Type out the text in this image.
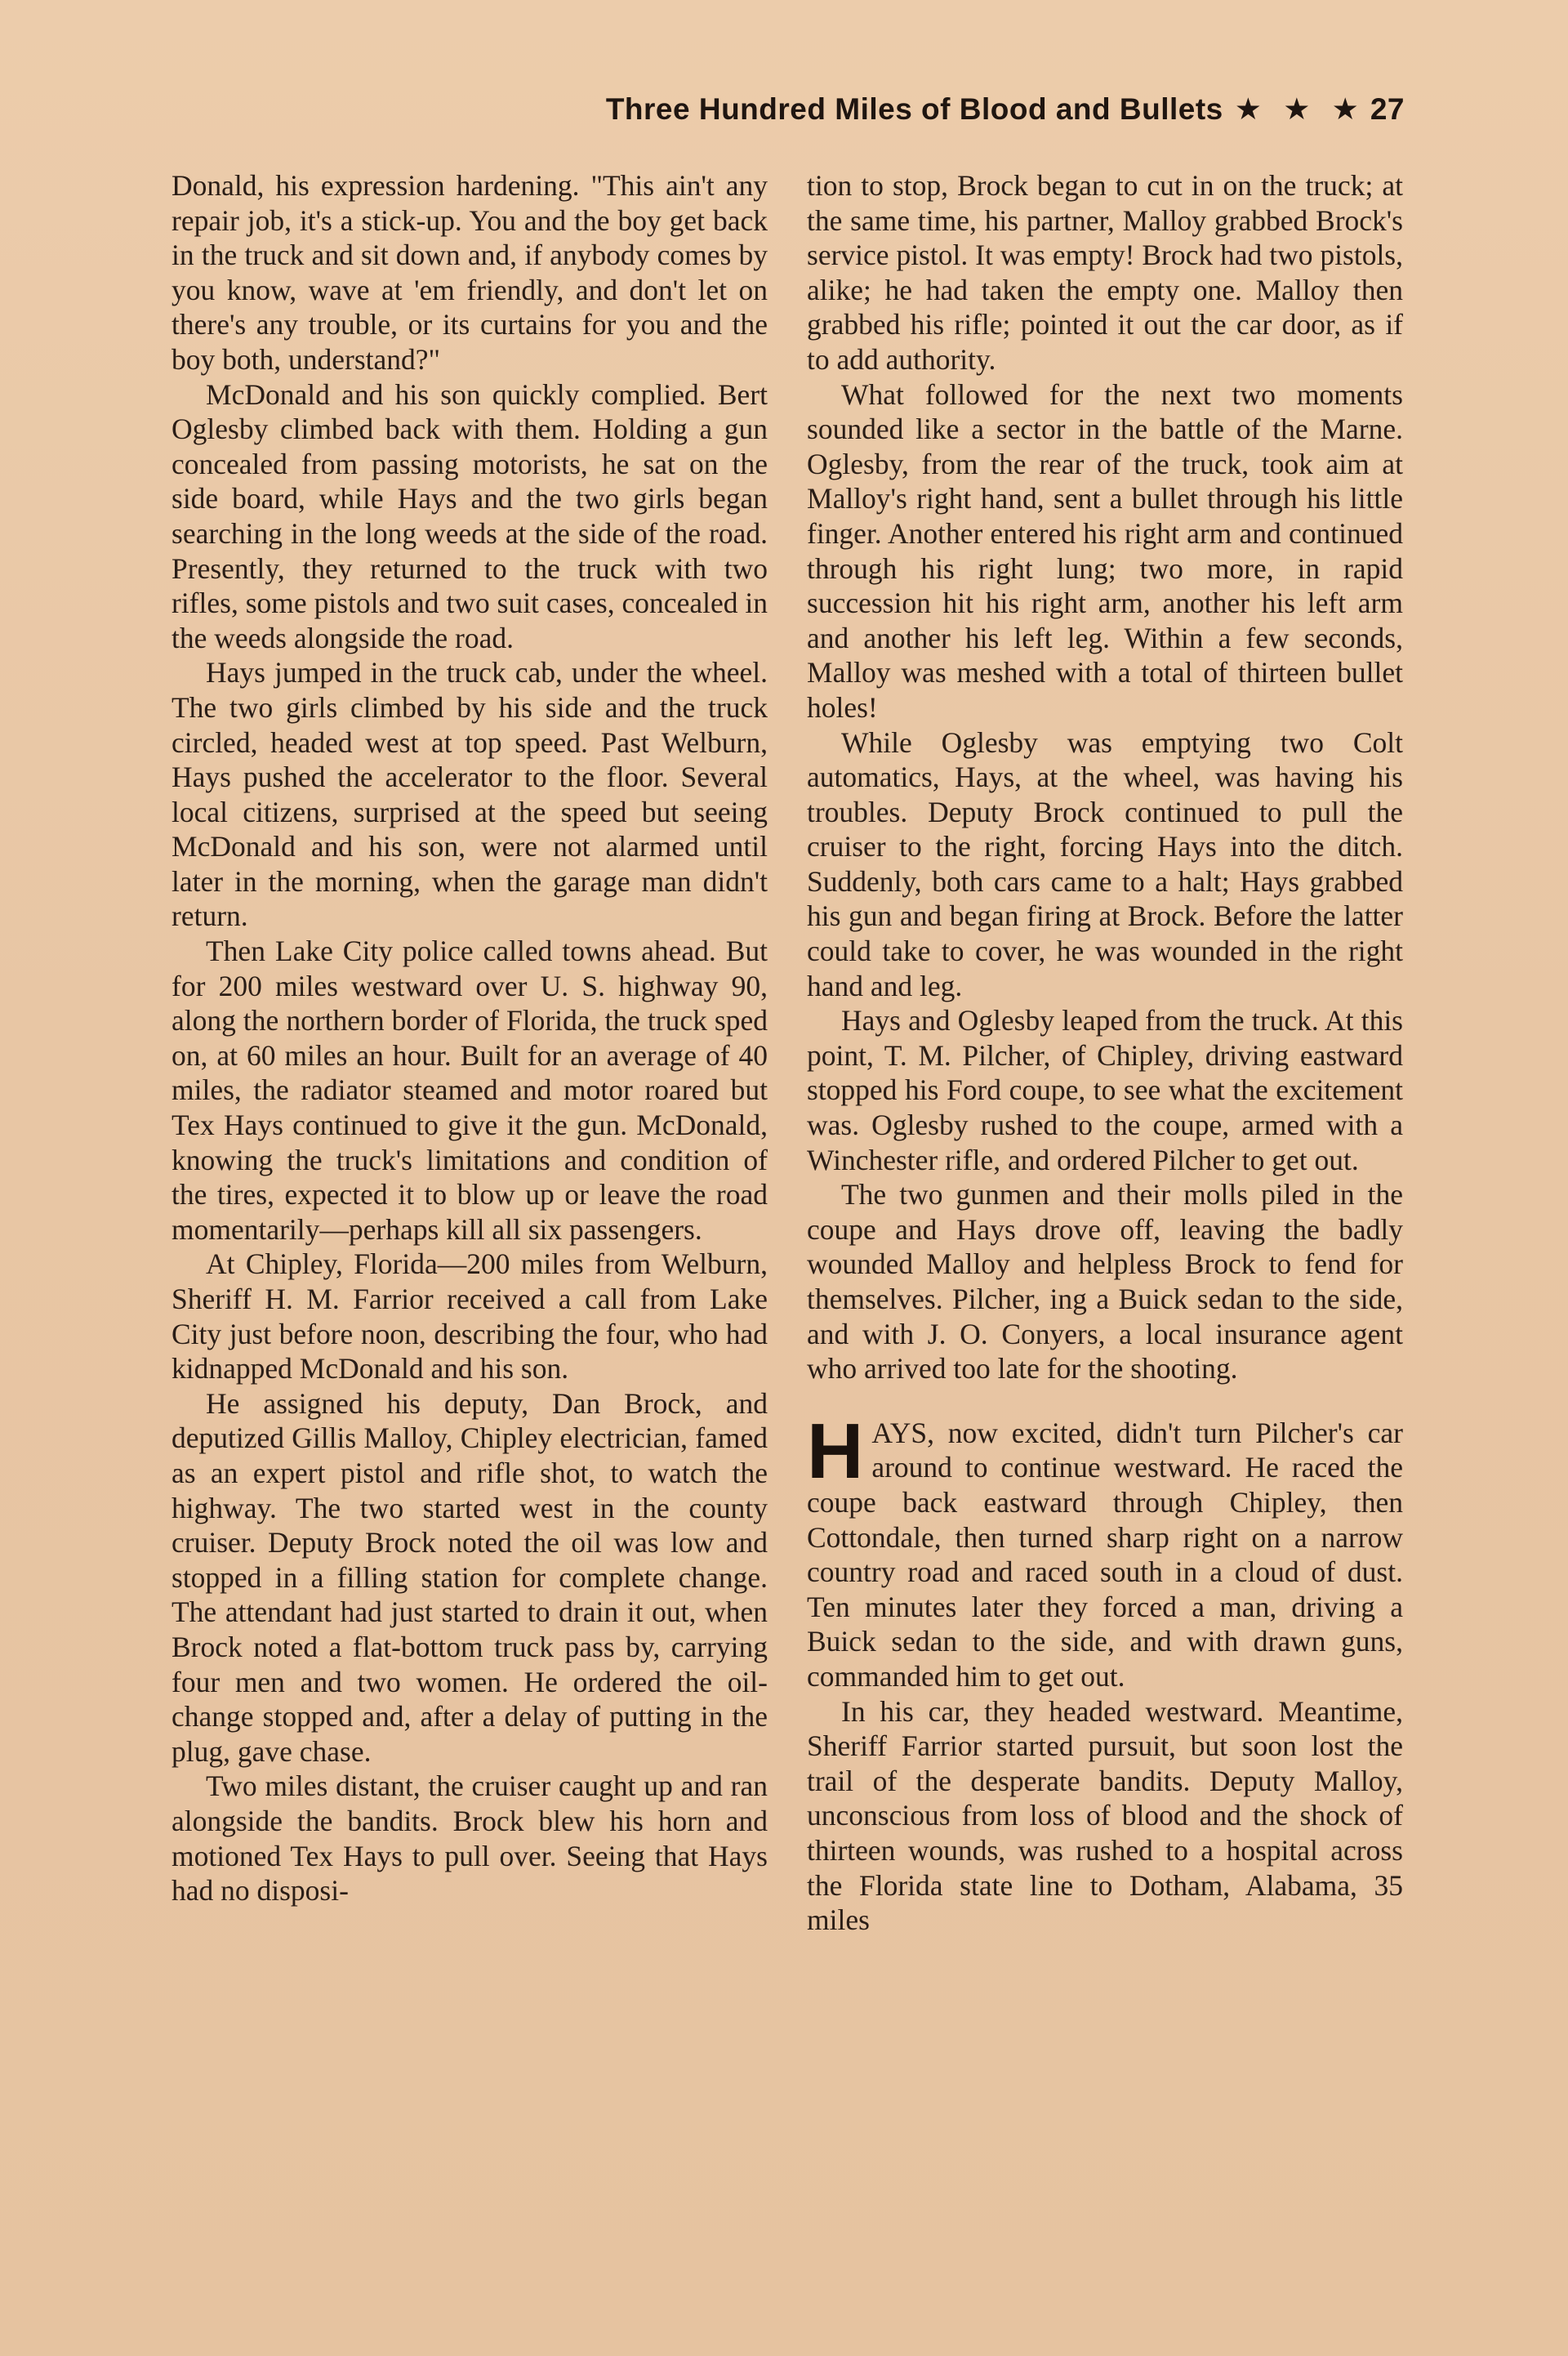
Three Hundred Miles of Blood and Bullets ★ ★ ★ 27

Donald, his expression hardening. "This ain't any repair job, it's a stick-up. You and the boy get back in the truck and sit down and, if anybody comes by you know, wave at 'em friendly, and don't let on there's any trouble, or its curtains for you and the boy both, understand?"

McDonald and his son quickly complied. Bert Oglesby climbed back with them. Holding a gun concealed from passing motorists, he sat on the side board, while Hays and the two girls began searching in the long weeds at the side of the road. Presently, they returned to the truck with two rifles, some pistols and two suit cases, concealed in the weeds alongside the road.

Hays jumped in the truck cab, under the wheel. The two girls climbed by his side and the truck circled, headed west at top speed. Past Welburn, Hays pushed the accelerator to the floor. Several local citizens, surprised at the speed but seeing McDonald and his son, were not alarmed until later in the morning, when the garage man didn't return.

Then Lake City police called towns ahead. But for 200 miles westward over U. S. highway 90, along the northern border of Florida, the truck sped on, at 60 miles an hour. Built for an average of 40 miles, the radiator steamed and motor roared but Tex Hays continued to give it the gun. McDonald, knowing the truck's limitations and condition of the tires, expected it to blow up or leave the road momentarily—perhaps kill all six passengers.

At Chipley, Florida—200 miles from Welburn, Sheriff H. M. Farrior received a call from Lake City just before noon, describing the four, who had kidnapped McDonald and his son.

He assigned his deputy, Dan Brock, and deputized Gillis Malloy, Chipley electrician, famed as an expert pistol and rifle shot, to watch the highway. The two started west in the county cruiser. Deputy Brock noted the oil was low and stopped in a filling station for complete change. The attendant had just started to drain it out, when Brock noted a flat-bottom truck pass by, carrying four men and two women. He ordered the oil-change stopped and, after a delay of putting in the plug, gave chase.

Two miles distant, the cruiser caught up and ran alongside the bandits. Brock blew his horn and motioned Tex Hays to pull over. Seeing that Hays had no disposi-

tion to stop, Brock began to cut in on the truck; at the same time, his partner, Malloy grabbed Brock's service pistol. It was empty! Brock had two pistols, alike; he had taken the empty one. Malloy then grabbed his rifle; pointed it out the car door, as if to add authority.

What followed for the next two moments sounded like a sector in the battle of the Marne. Oglesby, from the rear of the truck, took aim at Malloy's right hand, sent a bullet through his little finger. Another entered his right arm and continued through his right lung; two more, in rapid succession hit his right arm, another his left arm and another his left leg. Within a few seconds, Malloy was meshed with a total of thirteen bullet holes!

While Oglesby was emptying two Colt automatics, Hays, at the wheel, was having his troubles. Deputy Brock continued to pull the cruiser to the right, forcing Hays into the ditch. Suddenly, both cars came to a halt; Hays grabbed his gun and began firing at Brock. Before the latter could take to cover, he was wounded in the right hand and leg.

Hays and Oglesby leaped from the truck. At this point, T. M. Pilcher, of Chipley, driving eastward stopped his Ford coupe, to see what the excitement was. Oglesby rushed to the coupe, armed with a Winchester rifle, and ordered Pilcher to get out.

The two gunmen and their molls piled in the coupe and Hays drove off, leaving the badly wounded Malloy and helpless Brock to fend for themselves. Pilcher, ing a Buick sedan to the side, and with J. O. Conyers, a local insurance agent who arrived too late for the shooting.

HAYS, now excited, didn't turn Pilcher's car around to continue westward. He raced the coupe back eastward through Chipley, then Cottondale, then turned sharp right on a narrow country road and raced south in a cloud of dust. Ten minutes later they forced a man, driving a Buick sedan to the side, and with drawn guns, commanded him to get out.

In his car, they headed westward. Meantime, Sheriff Farrior started pursuit, but soon lost the trail of the desperate bandits. Deputy Malloy, unconscious from loss of blood and the shock of thirteen wounds, was rushed to a hospital across the Florida state line to Dotham, Alabama, 35 miles
